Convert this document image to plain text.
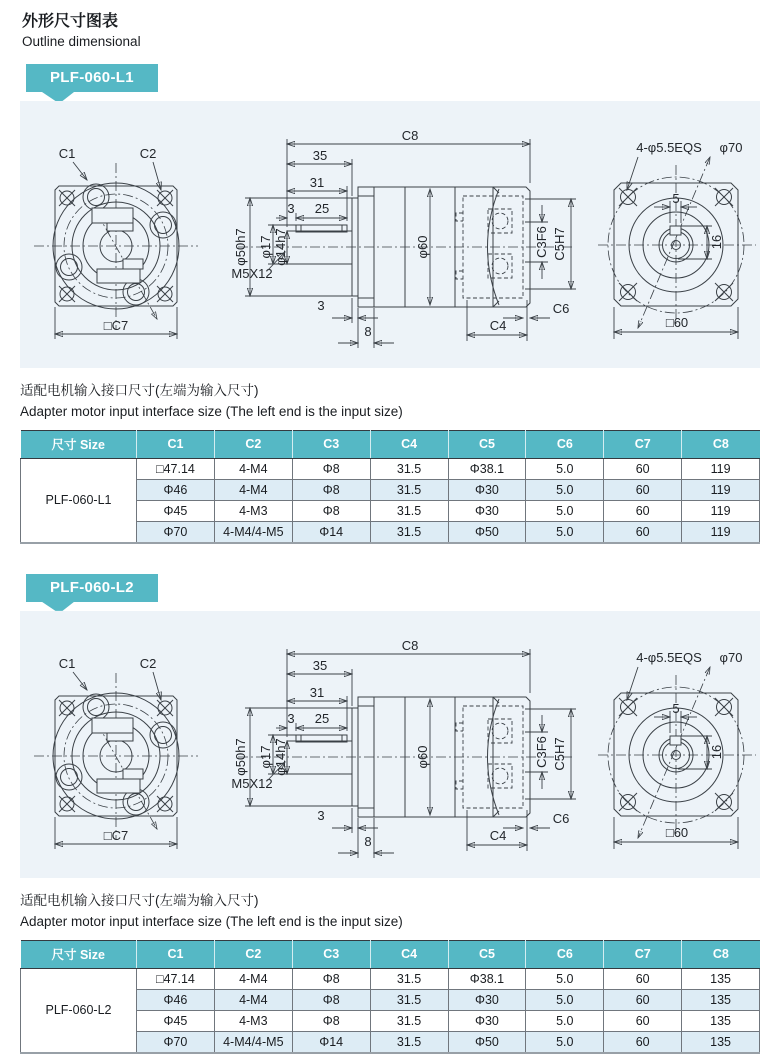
外形尺寸图表
Outline dimensional
PLF-060-L1
C1	C2
□C7
C8
35
31
3 25
φ50h7 φ17 φ14h7
M5X12
φ60	C3F6 C5H7
3
8	C4
C6
5
16
4-φ5.5EQS φ70
□60
适配电机输入接口尺寸(左端为输入尺寸)
Adapter motor input interface size (The left end is the input size)
尺寸 Size	C1	C2	C3	C4	C5	C6	C7	C8
PLF-060-L1	□47.14	4-M4	Φ8	31.5	Φ38.1	5.0	60	119
	Φ46	4-M4	Φ8	31.5	Φ30	5.0	60	119
	Φ45	4-M3	Φ8	31.5	Φ30	5.0	60	119
	Φ70	4-M4/4-M5	Φ14	31.5	Φ50	5.0	60	119
PLF-060-L2
C1	C2
□C7
C8
35
31
3 25
φ50h7 φ17 φ14h7
M5X12
φ60	C3F6 C5H7
3
8	C4
C6
5
16
4-φ5.5EQS φ70
□60
适配电机输入接口尺寸(左端为输入尺寸)
Adapter motor input interface size (The left end is the input size)
尺寸 Size	C1	C2	C3	C4	C5	C6	C7	C8
PLF-060-L2	□47.14	4-M4	Φ8	31.5	Φ38.1	5.0	60	135
	Φ46	4-M4	Φ8	31.5	Φ30	5.0	60	135
	Φ45	4-M3	Φ8	31.5	Φ30	5.0	60	135
	Φ70	4-M4/4-M5	Φ14	31.5	Φ50	5.0	60	135
